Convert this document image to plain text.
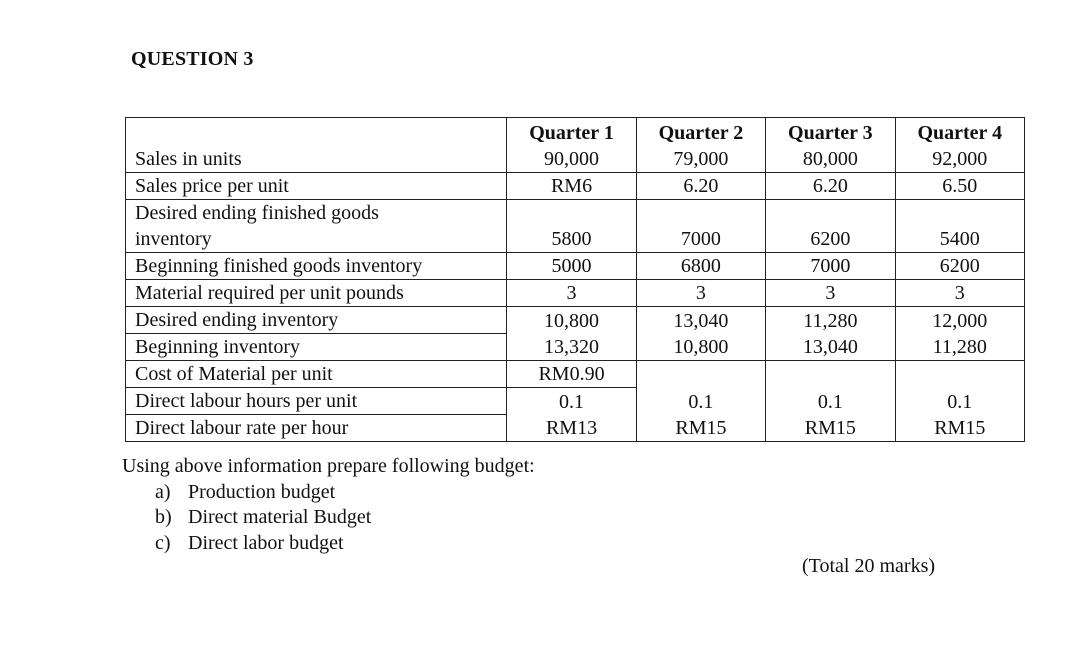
QUESTION 3
	Quarter 1	Quarter 2	Quarter 3	Quarter 4
Sales in units	90,000	79,000	80,000	92,000
Sales price per unit	RM6	6.20	6.20	6.50

Desired ending finished goods
inventory	5800	7000	6200	5400
Beginning finished goods inventory	5000	6800	7000	6200
Material required per unit pounds	3	3	3	3
Desired ending inventory	10,800	13,040	11,280	12,000
Beginning inventory	13,320	10,800	13,040	11,280
Cost of Material per unit	RM0.90			
Direct labour hours per unit	0.1	0.1	0.1	0.1
Direct labour rate per hour	RM13	RM15	RM15	RM15
Using above information prepare following budget:
a) Production budget
b) Direct material Budget
c) Direct labor budget
(Total 20 marks)
